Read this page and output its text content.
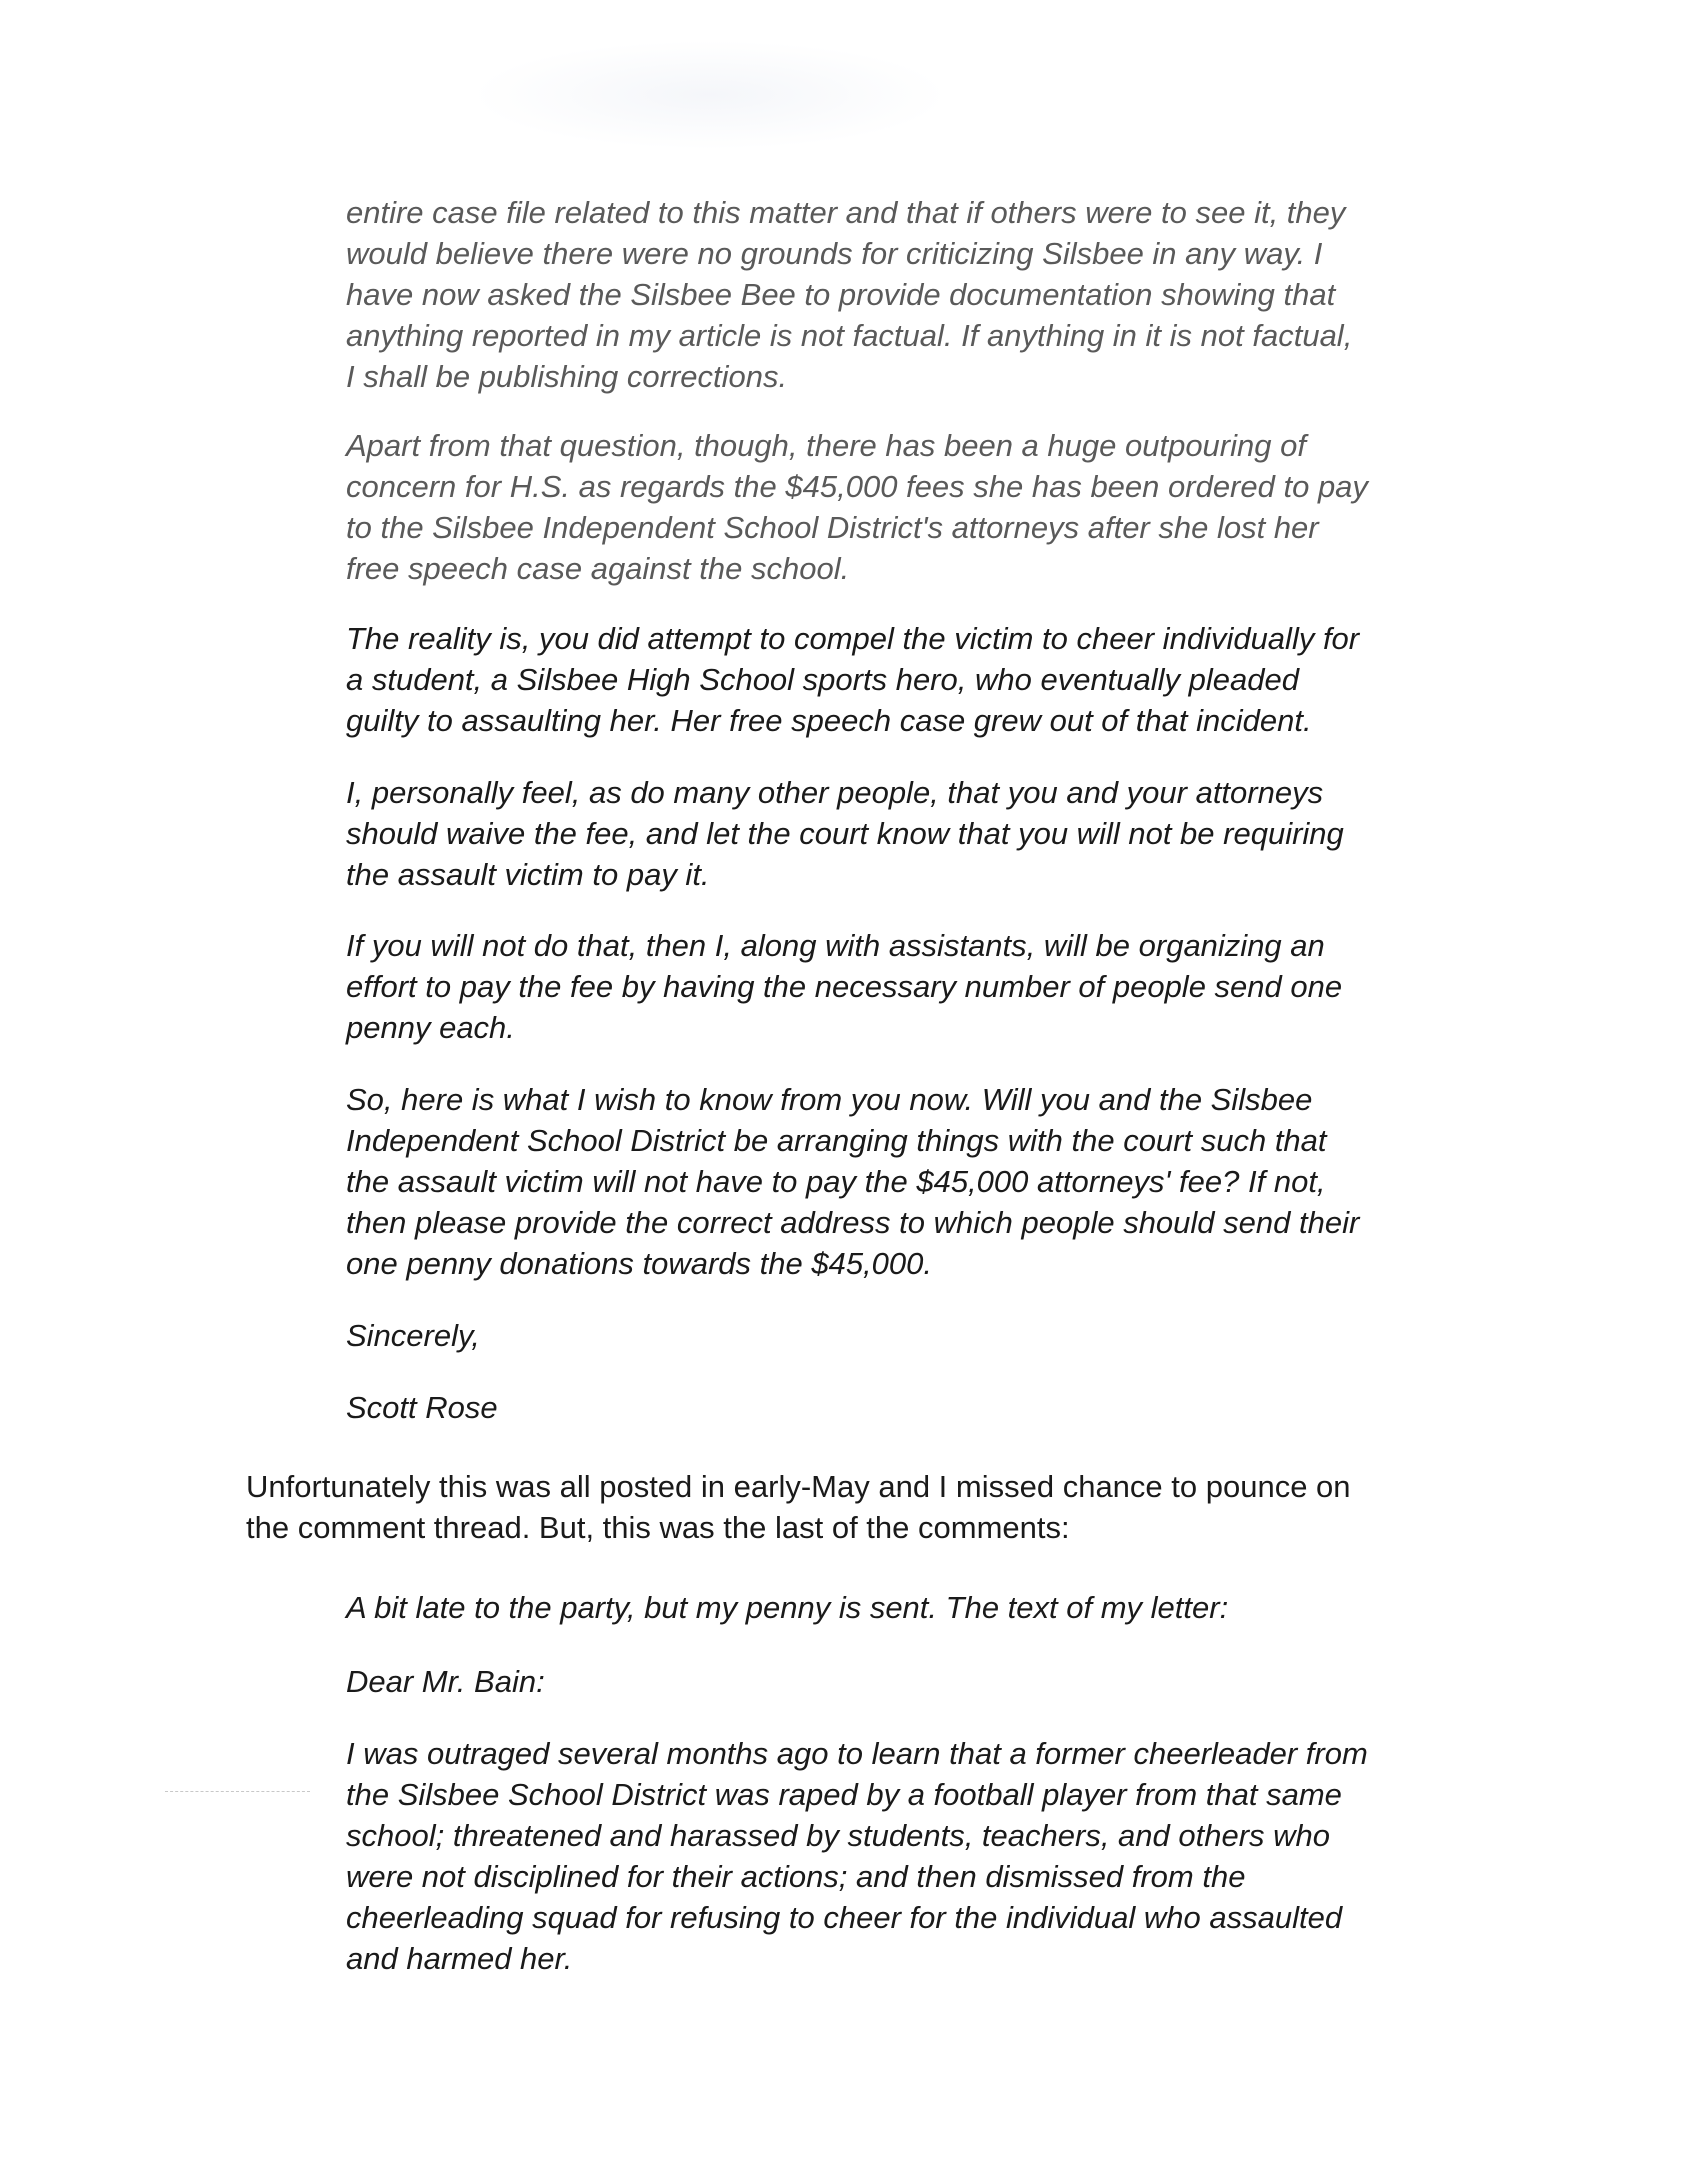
entire case file related to this matter and that if others were to see it, they
would believe there were no grounds for criticizing Silsbee in any way. I
have now asked the Silsbee Bee to provide documentation showing that
anything reported in my article is not factual. If anything in it is not factual,
I shall be publishing corrections.

Apart from that question, though, there has been a huge outpouring of
concern for H.S. as regards the $45,000 fees she has been ordered to pay
to the Silsbee Independent School District's attorneys after she lost her
free speech case against the school.

The reality is, you did attempt to compel the victim to cheer individually for
a student, a Silsbee High School sports hero, who eventually pleaded
guilty to assaulting her. Her free speech case grew out of that incident.

I, personally feel, as do many other people, that you and your attorneys
should waive the fee, and let the court know that you will not be requiring
the assault victim to pay it.

If you will not do that, then I, along with assistants, will be organizing an
effort to pay the fee by having the necessary number of people send one
penny each.

So, here is what I wish to know from you now. Will you and the Silsbee
Independent School District be arranging things with the court such that
the assault victim will not have to pay the $45,000 attorneys' fee? If not,
then please provide the correct address to which people should send their
one penny donations towards the $45,000.

Sincerely,

Scott Rose

Unfortunately this was all posted in early-May and I missed chance to pounce on
the comment thread. But, this was the last of the comments:

A bit late to the party, but my penny is sent. The text of my letter:

Dear Mr. Bain:

I was outraged several months ago to learn that a former cheerleader from
the Silsbee School District was raped by a football player from that same
school; threatened and harassed by students, teachers, and others who
were not disciplined for their actions; and then dismissed from the
cheerleading squad for refusing to cheer for the individual who assaulted
and harmed her.
